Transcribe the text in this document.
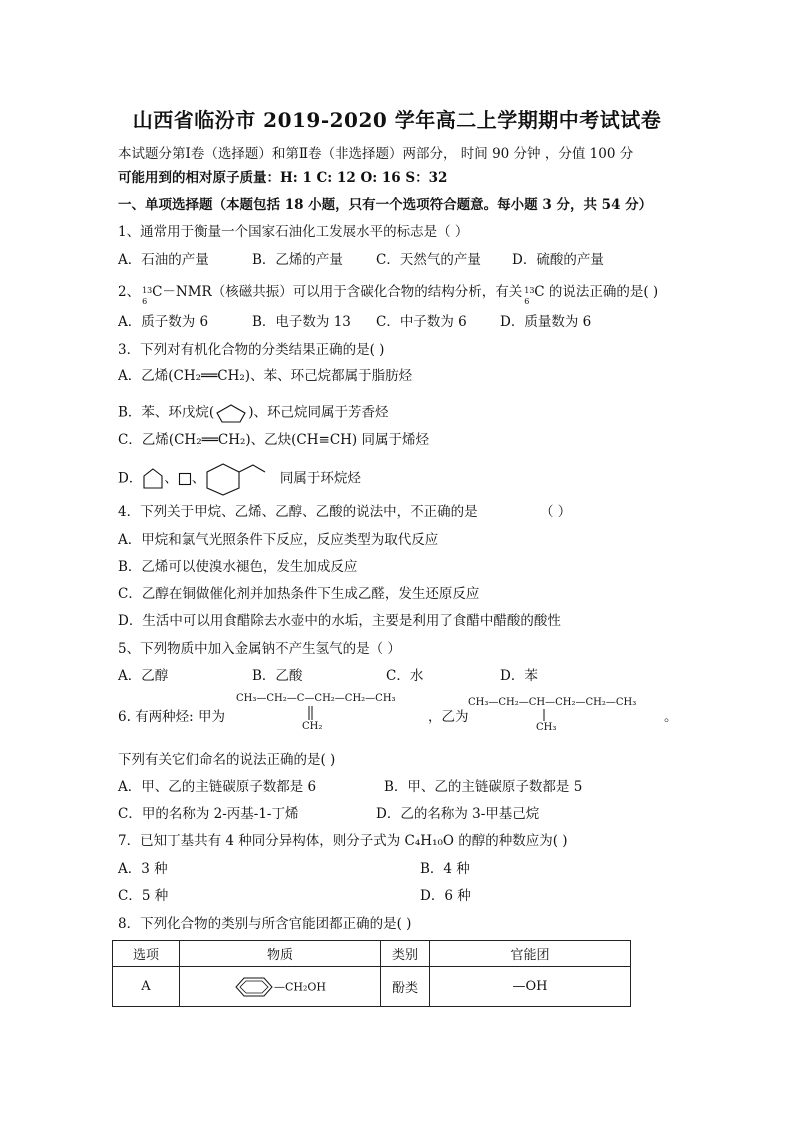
山西省临汾市 2019-2020 学年高二上学期期中考试试卷
本试题分第Ⅰ卷（选择题）和第Ⅱ卷（非选择题）两部分， 时间 90 分钟 ，分值 100 分
可能用到的相对原子质量：H: 1 C: 12 O: 16 S：32
一、单项选择题（本题包括 18 小题，只有一个选项符合题意。每小题 3 分，共 54 分）
1、通常用于衡量一个国家石油化工发展水平的标志是（ ）
A．石油的产量	B．乙烯的产量 C．天然气的产量 D．硫酸的产量
2、 13
6
C－NMR（核磁共振）可以用于含碳化合物的结构分析，有关 13
6
C 的说法正确的是( )
A．质子数为 6	B．电子数为 13 C．中子数为 6 D．质量数为 6
3．下列对有机化合物的分类结果正确的是( )
A．乙烯(CH₂══CH₂)、苯、环己烷都属于脂肪烃
B．苯、环戊烷(	)、环己烷同属于芳香烃
C．乙烯(CH₂══CH₂)、乙炔(CH≡CH) 同属于烯烃
D． 、 、	同属于环烷烃
4．下列关于甲烷、乙烯、乙醇、乙酸的说法中，不正确的是	（ ）
A．甲烷和氯气光照条件下反应，反应类型为取代反应
B．乙烯可以使溴水褪色，发生加成反应
C．乙醇在铜做催化剂并加热条件下生成乙醛，发生还原反应
D．生活中可以用食醋除去水壶中的水垢，主要是利用了食醋中醋酸的酸性
5、下列物质中加入金属钠不产生氢气的是（ ）
A．乙醇	B．乙酸	C．水	D．苯
6. 有两种烃: 甲为
CH₃—CH₂—C—CH₂—CH₂—CH₃
CH₂
，乙为
CH₃—CH₂—CH—CH₂—CH₂—CH₃
CH₃
。
下列有关它们命名的说法正确的是( )
A．甲、乙的主链碳原子数都是 6	B．甲、乙的主链碳原子数都是 5
C．甲的名称为 2-丙基-1-丁烯	D．乙的名称为 3-甲基己烷
7．已知丁基共有 4 种同分异构体，则分子式为 C₄H₁₀O 的醇的种数应为( )
A．3 种	B．4 种
C．5 种	D．6 种
8．下列化合物的类别与所含官能团都正确的是( )
选项	物质	类别	官能团
A	—CH₂OH	酚类	—OH
